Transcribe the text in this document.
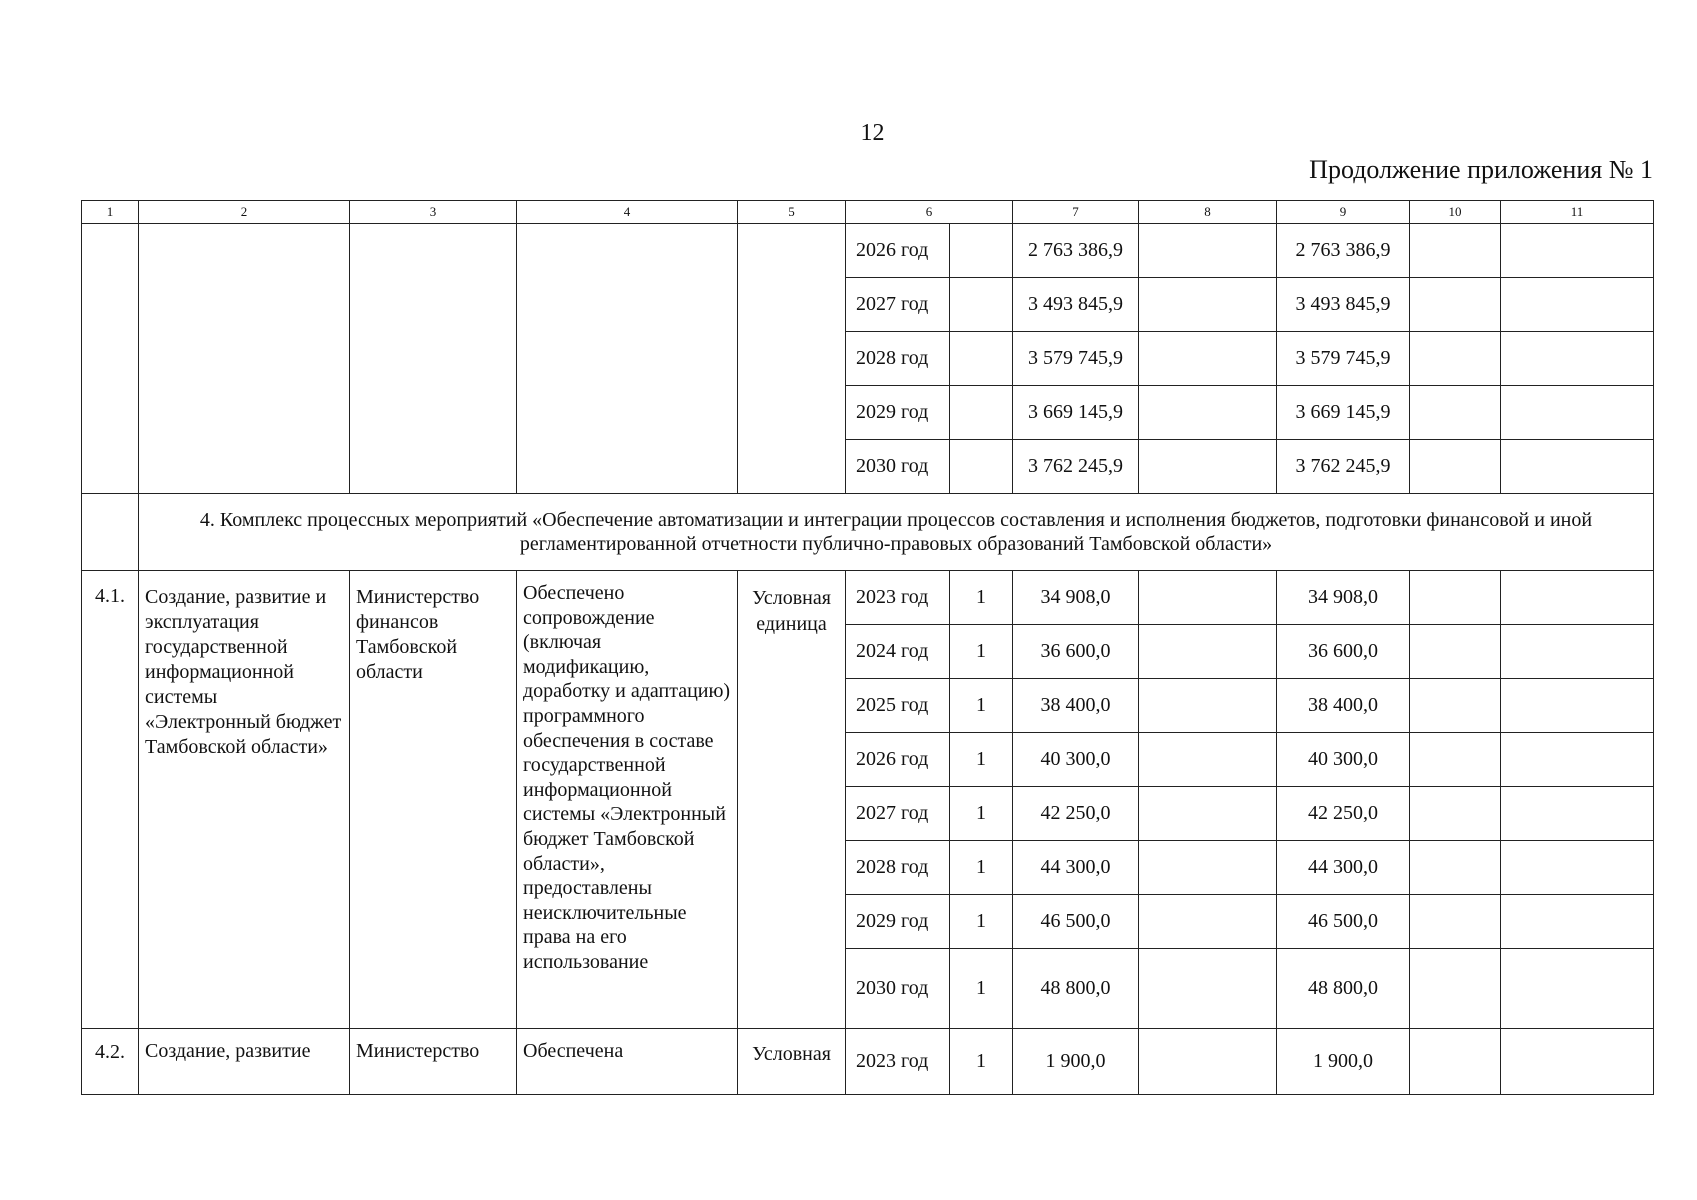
12
Продолжение приложения № 1
1	2	3	4	5	6		7	8	9	10	11
					2026 год		2 763 386,9		2 763 386,9		
					2027 год		3 493 845,9		3 493 845,9		
					2028 год		3 579 745,9		3 579 745,9		
					2029 год		3 669 145,9		3 669 145,9		
					2030 год		3 762 245,9		3 762 245,9		
	4. Комплекс процессных мероприятий «Обеспечение автоматизации и интеграции процессов составления и исполнения бюджетов, подготовки финансовой и иной регламентированной отчетности публично-правовых образований Тамбовской области»										
4.1.	Создание, развитие и эксплуатация государственной информационной системы «Электронный бюджет Тамбовской области»	Министерство финансов Тамбовской области	Обеспечено сопровождение (включая модификацию, доработку и адаптацию) программного обеспечения в составе государственной информационной системы «Электронный бюджет Тамбовской области», предоставлены неисключительные права на его использование	Условная единица	2023 год	1	34 908,0		34 908,0		
					2024 год	1	36 600,0		36 600,0		
					2025 год	1	38 400,0		38 400,0		
					2026 год	1	40 300,0		40 300,0		
					2027 год	1	42 250,0		42 250,0		
					2028 год	1	44 300,0		44 300,0		
					2029 год	1	46 500,0		46 500,0		
					2030 год	1	48 800,0		48 800,0		
4.2.	Создание, развитие	Министерство	Обеспечена	Условная	2023 год	1	1 900,0		1 900,0		
